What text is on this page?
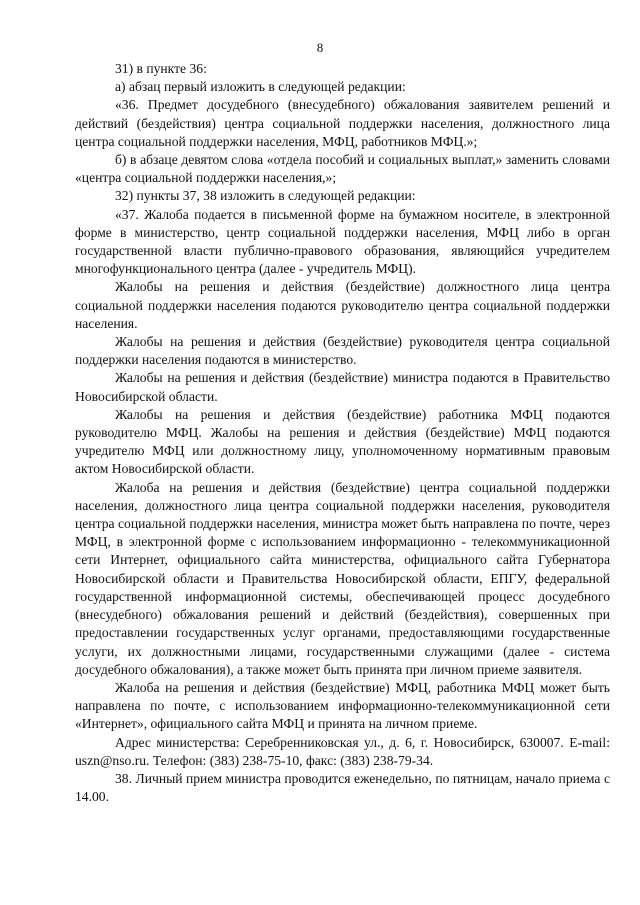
8

31) в пункте 36:

а) абзац первый изложить в следующей редакции:

«36. Предмет досудебного (внесудебного) обжалования заявителем решений и действий (бездействия) центра социальной поддержки населения, должностного лица центра социальной поддержки населения, МФЦ, работников МФЦ.»;

б) в абзаце девятом слова «отдела пособий и социальных выплат,» заменить словами «центра социальной поддержки населения,»;

32) пункты 37, 38 изложить в следующей редакции:

«37. Жалоба подается в письменной форме на бумажном носителе, в электронной форме в министерство, центр социальной поддержки населения, МФЦ либо в орган государственной власти публично-правового образования, являющийся учредителем многофункционального центра (далее - учредитель МФЦ).

Жалобы на решения и действия (бездействие) должностного лица центра социальной поддержки населения подаются руководителю центра социальной поддержки населения.

Жалобы на решения и действия (бездействие) руководителя центра социальной поддержки населения подаются в министерство.

Жалобы на решения и действия (бездействие) министра подаются в Правительство Новосибирской области.

Жалобы на решения и действия (бездействие) работника МФЦ подаются руководителю МФЦ. Жалобы на решения и действия (бездействие) МФЦ подаются учредителю МФЦ или должностному лицу, уполномоченному нормативным правовым актом Новосибирской области.

Жалоба на решения и действия (бездействие) центра социальной поддержки населения, должностного лица центра социальной поддержки населения, руководителя центра социальной поддержки населения, министра может быть направлена по почте, через МФЦ, в электронной форме с использованием информационно - телекоммуникационной сети Интернет, официального сайта министерства, официального сайта Губернатора Новосибирской области и Правительства Новосибирской области, ЕПГУ, федеральной государственной информационной системы, обеспечивающей процесс досудебного (внесудебного) обжалования решений и действий (бездействия), совершенных при предоставлении государственных услуг органами, предоставляющими государственные услуги, их должностными лицами, государственными служащими (далее - система досудебного обжалования), а также может быть принята при личном приеме заявителя.

Жалоба на решения и действия (бездействие) МФЦ, работника МФЦ может быть направлена по почте, с использованием информационно-телекоммуникационной сети «Интернет», официального сайта МФЦ и принята на личном приеме.

Адрес министерства: Серебренниковская ул., д. 6, г. Новосибирск, 630007. E-mail: uszn@nso.ru. Телефон: (383) 238-75-10, факс: (383) 238-79-34.

38. Личный прием министра проводится еженедельно, по пятницам, начало приема с 14.00.
